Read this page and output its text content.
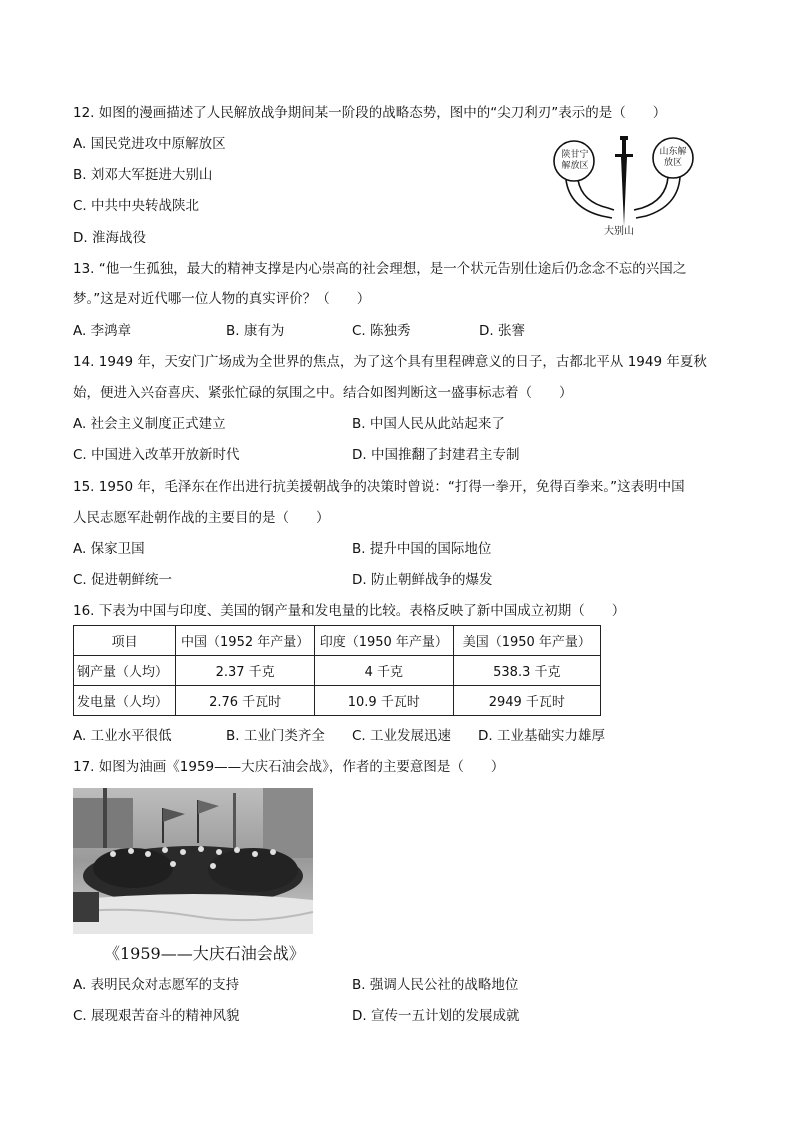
12. 如图的漫画描述了人民解放战争期间某一阶段的战略态势，图中的“尖刀利刃”表示的是（　　）
A. 国民党进攻中原解放区
B. 刘邓大军挺进大别山
C. 中共中央转战陕北
D. 淮海战役
陕甘宁解放区
山东解放区
大别山
13. “他一生孤独，最大的精神支撑是内心崇高的社会理想，是一个状元告别仕途后仍念念不忘的兴国之
梦。”这是对近代哪一位人物的真实评价？（　　）
A. 李鸿章	B. 康有为	C. 陈独秀	D. 张謇
14. 1949 年，天安门广场成为全世界的焦点，为了这个具有里程碑意义的日子，古都北平从 1949 年夏秋
始，便进入兴奋喜庆、紧张忙碌的氛围之中。结合如图判断这一盛事标志着（　　）
A. 社会主义制度正式建立	B. 中国人民从此站起来了
C. 中国进入改革开放新时代	D. 中国推翻了封建君主专制
15. 1950 年，毛泽东在作出进行抗美援朝战争的决策时曾说：“打得一拳开，免得百拳来。”这表明中国
人民志愿军赴朝作战的主要目的是（　　）
A. 保家卫国	B. 提升中国的国际地位
C. 促进朝鲜统一	D. 防止朝鲜战争的爆发
16. 下表为中国与印度、美国的钢产量和发电量的比较。表格反映了新中国成立初期（　　）
项目	中国（1952 年产量）	印度（1950 年产量）	美国（1950 年产量）
钢产量（人均）	2.37 千克	4 千克	538.3 千克
发电量（人均）	2.76 千瓦时	10.9 千瓦时	2949 千瓦时
A. 工业水平很低	B. 工业门类齐全 C. 工业发展迅速 D. 工业基础实力雄厚
17. 如图为油画《1959——大庆石油会战》，作者的主要意图是（　　）
《1959——大庆石油会战》
A. 表明民众对志愿军的支持	B. 强调人民公社的战略地位
C. 展现艰苦奋斗的精神风貌	D. 宣传一五计划的发展成就
